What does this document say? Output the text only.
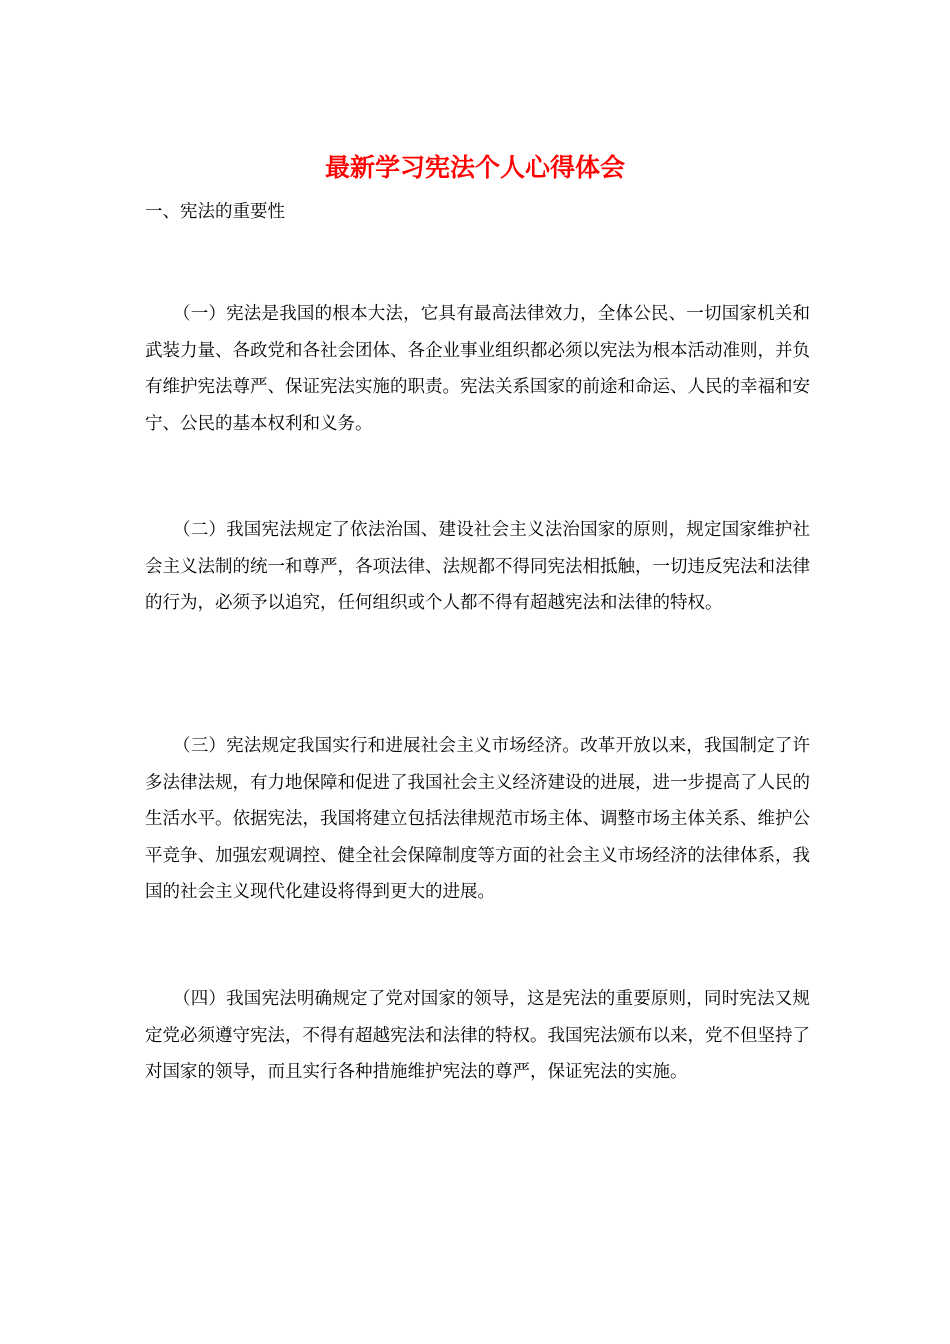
最新学习宪法个人心得体会

一、宪法的重要性

（一）宪法是我国的根本大法，它具有最高法律效力，全体公民、一切国家机关和武装力量、各政党和各社会团体、各企业事业组织都必须以宪法为根本活动准则，并负有维护宪法尊严、保证宪法实施的职责。宪法关系国家的前途和命运、人民的幸福和安宁、公民的基本权利和义务。

（二）我国宪法规定了依法治国、建设社会主义法治国家的原则，规定国家维护社会主义法制的统一和尊严，各项法律、法规都不得同宪法相抵触，一切违反宪法和法律的行为，必须予以追究，任何组织或个人都不得有超越宪法和法律的特权。

（三）宪法规定我国实行和进展社会主义市场经济。改革开放以来，我国制定了许多法律法规，有力地保障和促进了我国社会主义经济建设的进展，进一步提高了人民的生活水平。依据宪法，我国将建立包括法律规范市场主体、调整市场主体关系、维护公平竞争、加强宏观调控、健全社会保障制度等方面的社会主义市场经济的法律体系，我国的社会主义现代化建设将得到更大的进展。

（四）我国宪法明确规定了党对国家的领导，这是宪法的重要原则，同时宪法又规定党必须遵守宪法，不得有超越宪法和法律的特权。我国宪法颁布以来，党不但坚持了对国家的领导，而且实行各种措施维护宪法的尊严，保证宪法的实施。
